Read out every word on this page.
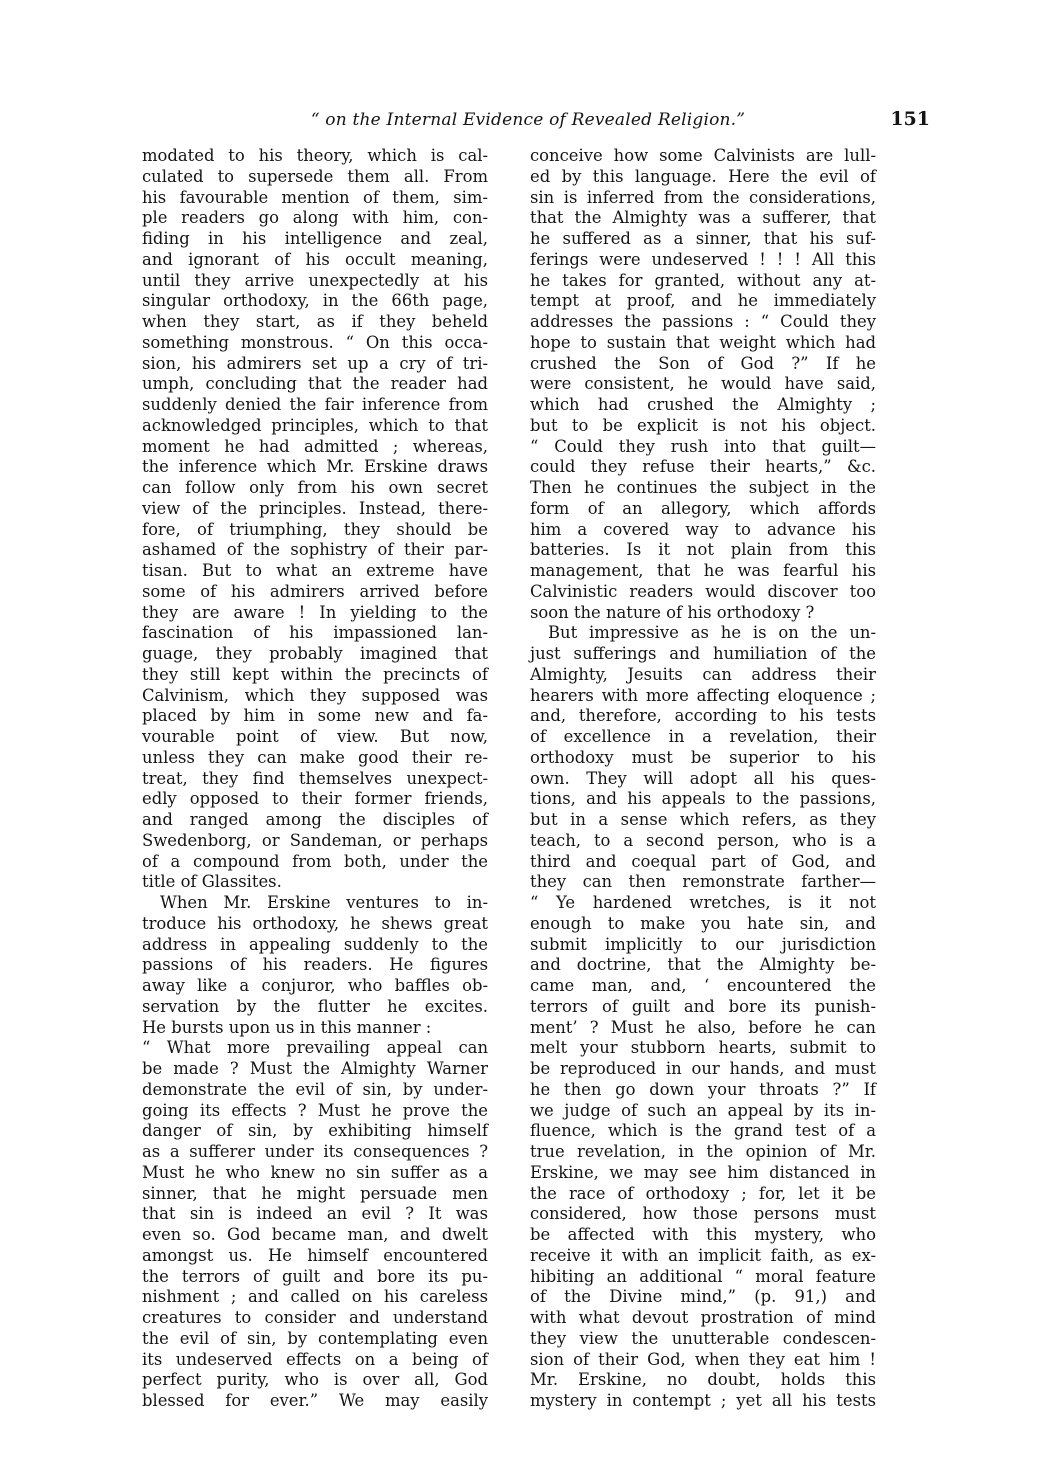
“ on the Internal Evidence of Revealed Religion.”	151
modated to his theory, which is cal-
culated to supersede them all. From
his favourable mention of them, sim-
ple readers go along with him, con-
fiding in his intelligence and zeal,
and ignorant of his occult meaning,
until they arrive unexpectedly at his
singular orthodoxy, in the 66th page,
when they start, as if they beheld
something monstrous. “ On this occa-
sion, his admirers set up a cry of tri-
umph, concluding that the reader had
suddenly denied the fair inference from
acknowledged principles, which to that
moment he had admitted ; whereas,
the inference which Mr. Erskine draws
can follow only from his own secret
view of the principles. Instead, there-
fore, of triumphing, they should be
ashamed of the sophistry of their par-
tisan. But to what an extreme have
some of his admirers arrived before
they are aware ! In yielding to the
fascination of his impassioned lan-
guage, they probably imagined that
they still kept within the precincts of
Calvinism, which they supposed was
placed by him in some new and fa-
vourable point of view. But now,
unless they can make good their re-
treat, they find themselves unexpect-
edly opposed to their former friends,
and ranged among the disciples of
Swedenborg, or Sandeman, or perhaps
of a compound from both, under the
title of Glassites.
When Mr. Erskine ventures to in-
troduce his orthodoxy, he shews great
address in appealing suddenly to the
passions of his readers. He figures
away like a conjuror, who baffles ob-
servation by the flutter he excites.
He bursts upon us in this manner :
“ What more prevailing appeal can
be made ? Must the Almighty Warner
demonstrate the evil of sin, by under-
going its effects ? Must he prove the
danger of sin, by exhibiting himself
as a sufferer under its consequences ?
Must he who knew no sin suffer as a
sinner, that he might persuade men
that sin is indeed an evil ? It was
even so. God became man, and dwelt
amongst us. He himself encountered
the terrors of guilt and bore its pu-
nishment ; and called on his careless
creatures to consider and understand
the evil of sin, by contemplating even
its undeserved effects on a being of
perfect purity, who is over all, God
blessed for ever.” We may easily
conceive how some Calvinists are lull-
ed by this language. Here the evil of
sin is inferred from the considerations,
that the Almighty was a sufferer, that
he suffered as a sinner, that his suf-
ferings were undeserved ! ! ! All this
he takes for granted, without any at-
tempt at proof, and he immediately
addresses the passions : “ Could they
hope to sustain that weight which had
crushed the Son of God ?” If he
were consistent, he would have said,
which had crushed the Almighty ;
but to be explicit is not his object.
“ Could they rush into that guilt—
could they refuse their hearts,” &c.
Then he continues the subject in the
form of an allegory, which affords
him a covered way to advance his
batteries. Is it not plain from this
management, that he was fearful his
Calvinistic readers would discover too
soon the nature of his orthodoxy ?
But impressive as he is on the un-
just sufferings and humiliation of the
Almighty, Jesuits can address their
hearers with more affecting eloquence ;
and, therefore, according to his tests
of excellence in a revelation, their
orthodoxy must be superior to his
own. They will adopt all his ques-
tions, and his appeals to the passions,
but in a sense which refers, as they
teach, to a second person, who is a
third and coequal part of God, and
they can then remonstrate farther—
“ Ye hardened wretches, is it not
enough to make you hate sin, and
submit implicitly to our jurisdiction
and doctrine, that the Almighty be-
came man, and, ‘ encountered the
terrors of guilt and bore its punish-
ment’ ? Must he also, before he can
melt your stubborn hearts, submit to
be reproduced in our hands, and must
he then go down your throats ?” If
we judge of such an appeal by its in-
fluence, which is the grand test of a
true revelation, in the opinion of Mr.
Erskine, we may see him distanced in
the race of orthodoxy ; for, let it be
considered, how those persons must
be affected with this mystery, who
receive it with an implicit faith, as ex-
hibiting an additional “ moral feature
of the Divine mind,” (p. 91,) and
with what devout prostration of mind
they view the unutterable condescen-
sion of their God, when they eat him !
Mr. Erskine, no doubt, holds this
mystery in contempt ; yet all his tests
